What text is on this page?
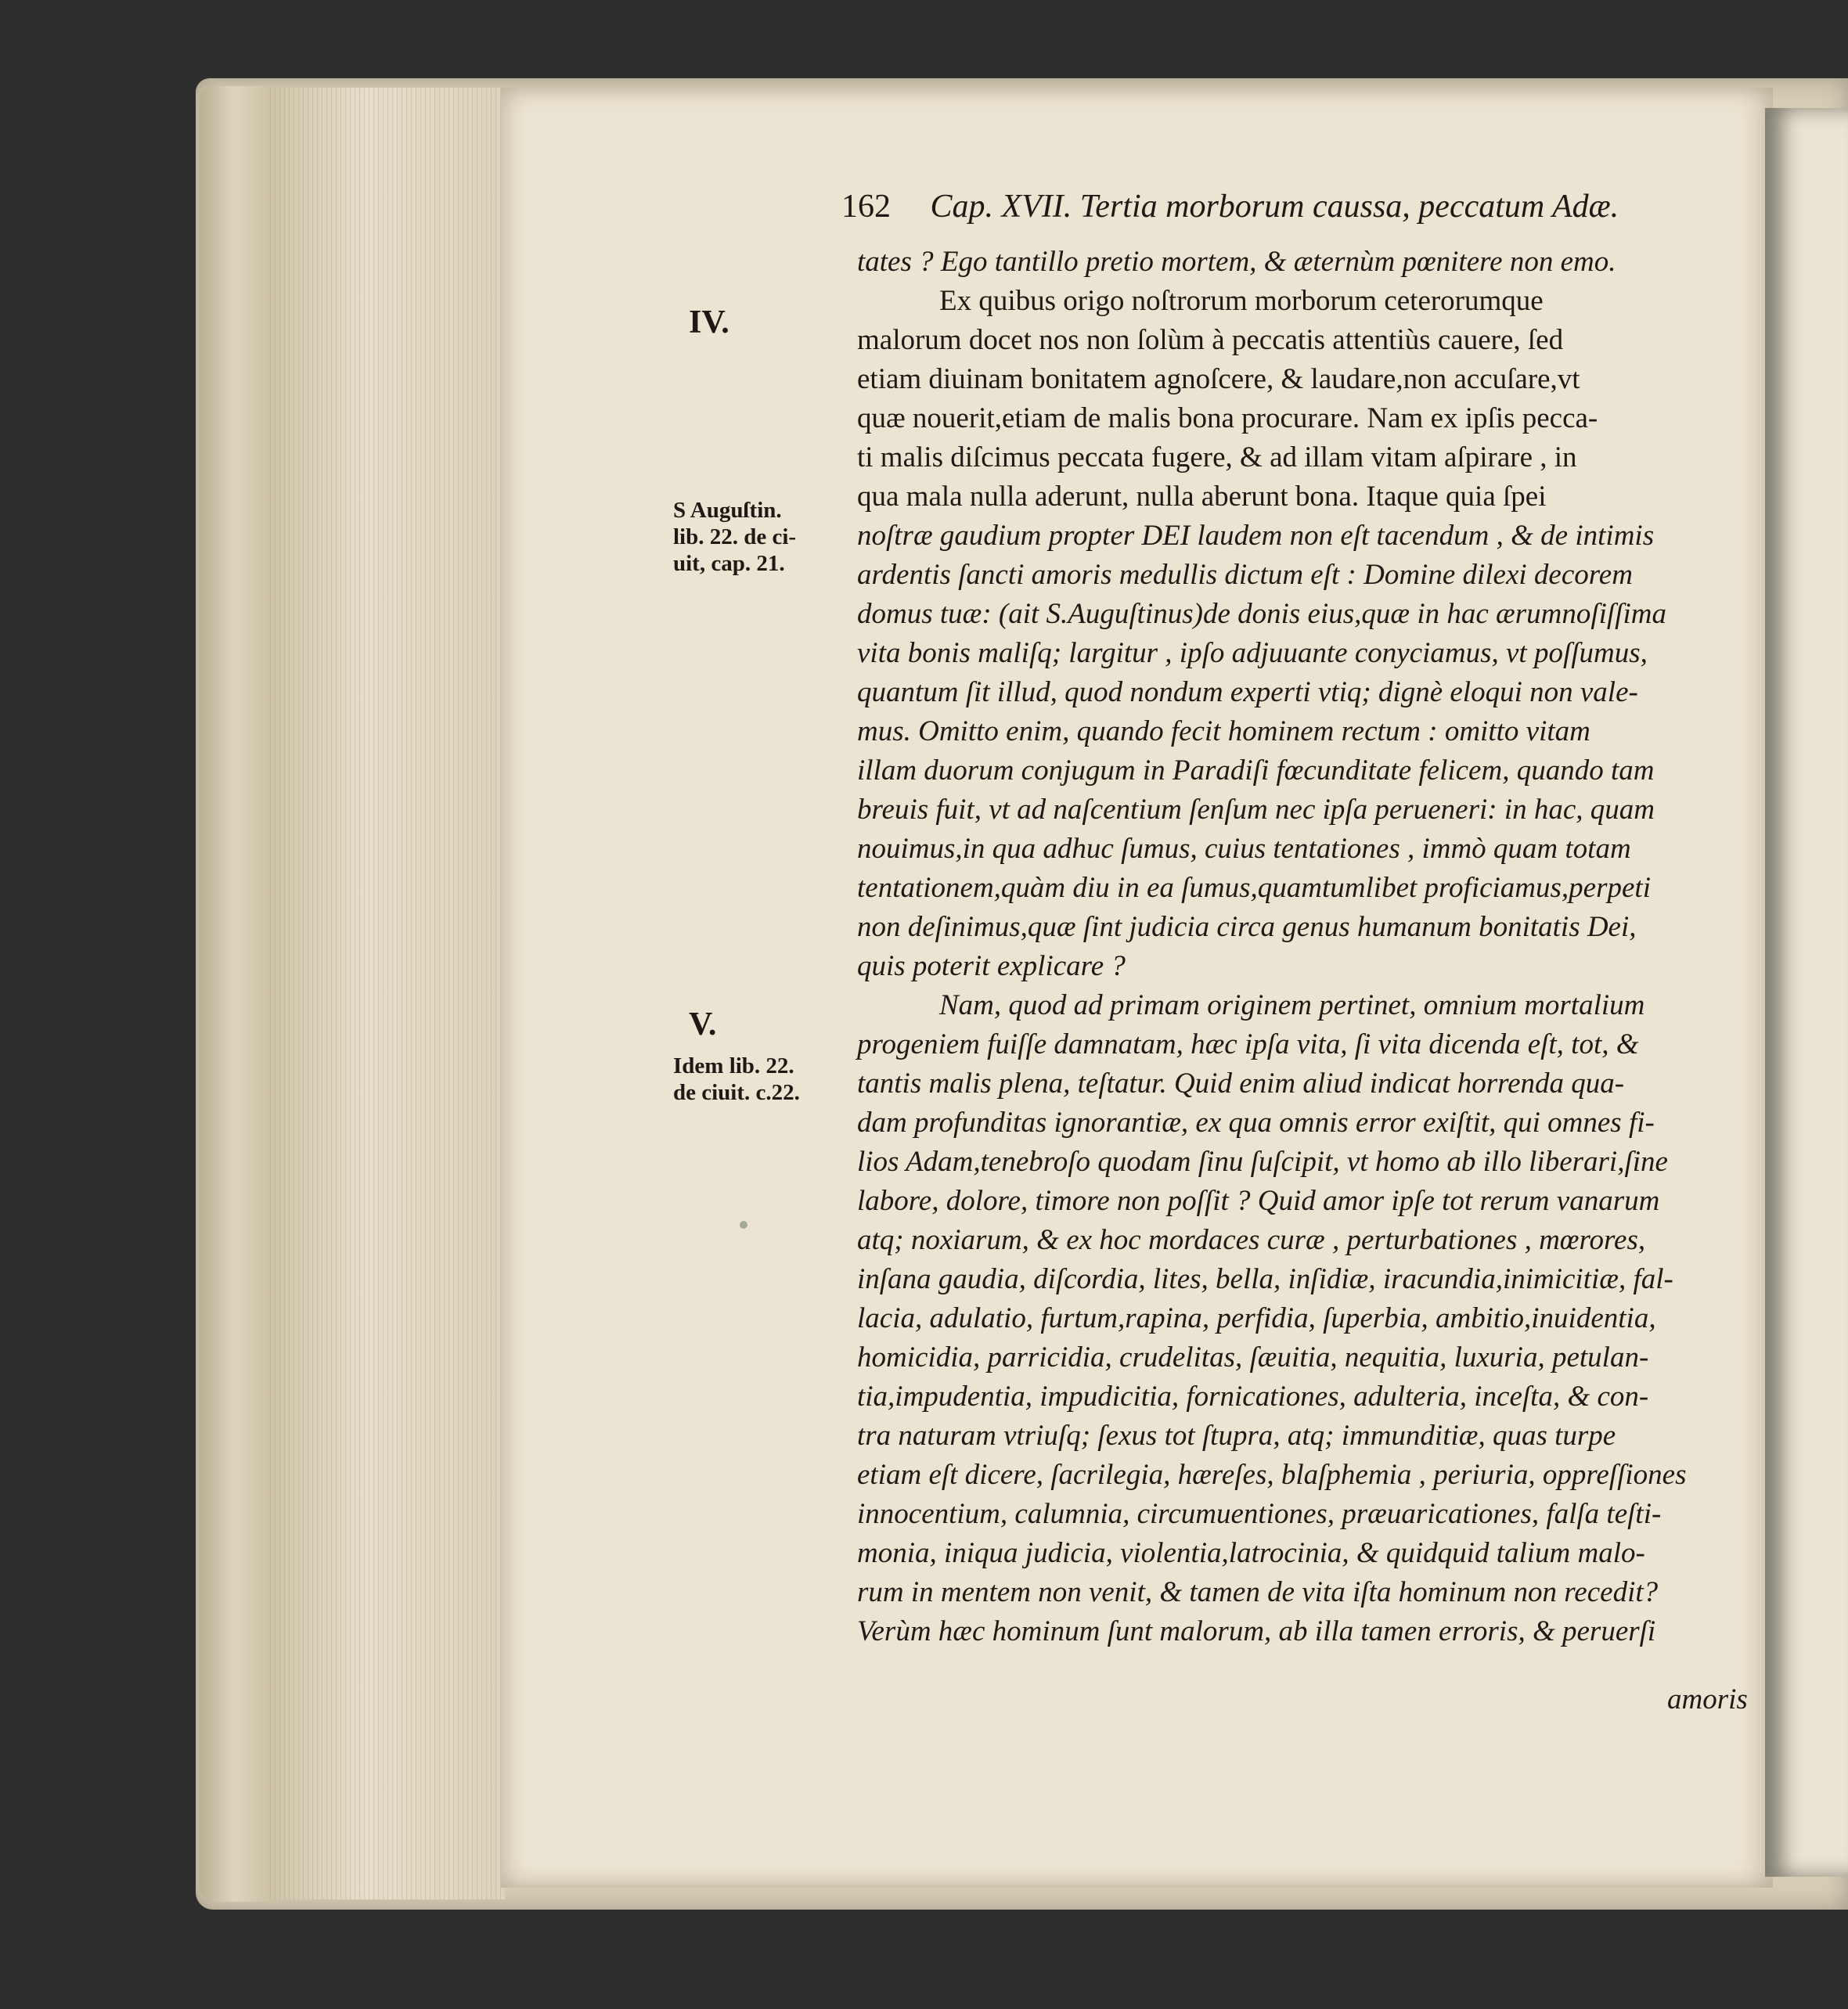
162 Cap. XVII. Tertia morborum caussa, peccatum Adæ.
IV.
S Auguſtin.
lib. 22. de ci-
uit, cap. 21.
V.
Idem lib. 22.
de ciuit. c.22.
tates ? Ego tantillo pretio mortem, & æternùm pœnitere non emo.
Ex quibus origo noſtrorum morborum ceterorumque
malorum docet nos non ſolùm à peccatis attentiùs cauere, ſed
etiam diuinam bonitatem agnoſcere, & laudare,non accuſare,vt
quæ nouerit,etiam de malis bona procurare. Nam ex ipſis pecca-
ti malis diſcimus peccata fugere, & ad illam vitam aſpirare , in
qua mala nulla aderunt, nulla aberunt bona. Itaque quia ſpei
noſtræ gaudium propter DEI laudem non eſt tacendum , & de intimis
ardentis ſancti amoris medullis dictum eſt : Domine dilexi decorem
domus tuæ: (ait S.Auguſtinus)de donis eius,quæ in hac ærumnoſiſſima
vita bonis maliſq; largitur , ipſo adjuuante conyciamus, vt poſſumus,
quantum ſit illud, quod nondum experti vtiq; dignè eloqui non vale-
mus. Omitto enim, quando fecit hominem rectum : omitto vitam
illam duorum conjugum in Paradiſi fœcunditate felicem, quando tam
breuis fuit, vt ad naſcentium ſenſum nec ipſa perueneri: in hac, quam
nouimus,in qua adhuc ſumus, cuius tentationes , immò quam totam
tentationem,quàm diu in ea ſumus,quamtumlibet proficiamus,perpeti
non deſinimus,quæ ſint judicia circa genus humanum bonitatis Dei,
quis poterit explicare ?
Nam, quod ad primam originem pertinet, omnium mortalium
progeniem fuiſſe damnatam, hæc ipſa vita, ſi vita dicenda eſt, tot, &
tantis malis plena, teſtatur. Quid enim aliud indicat horrenda qua-
dam profunditas ignorantiæ, ex qua omnis error exiſtit, qui omnes fi-
lios Adam,tenebroſo quodam ſinu ſuſcipit, vt homo ab illo liberari,ſine
labore, dolore, timore non poſſit ? Quid amor ipſe tot rerum vanarum
atq; noxiarum, & ex hoc mordaces curæ , perturbationes , mœrores,
inſana gaudia, diſcordia, lites, bella, inſidiæ, iracundia,inimicitiæ, fal-
lacia, adulatio, furtum,rapina, perfidia, ſuperbia, ambitio,inuidentia,
homicidia, parricidia, crudelitas, ſæuitia, nequitia, luxuria, petulan-
tia,impudentia, impudicitia, fornicationes, adulteria, inceſta, & con-
tra naturam vtriuſq; ſexus tot ſtupra, atq; immunditiæ, quas turpe
etiam eſt dicere, ſacrilegia, hæreſes, blaſphemia , periuria, oppreſſiones
innocentium, calumnia, circumuentiones, præuaricationes, falſa teſti-
monia, iniqua judicia, violentia,latrocinia, & quidquid talium malo-
rum in mentem non venit, & tamen de vita iſta hominum non recedit?
Verùm hæc hominum ſunt malorum, ab illa tamen erroris, & peruerſi
amoris
